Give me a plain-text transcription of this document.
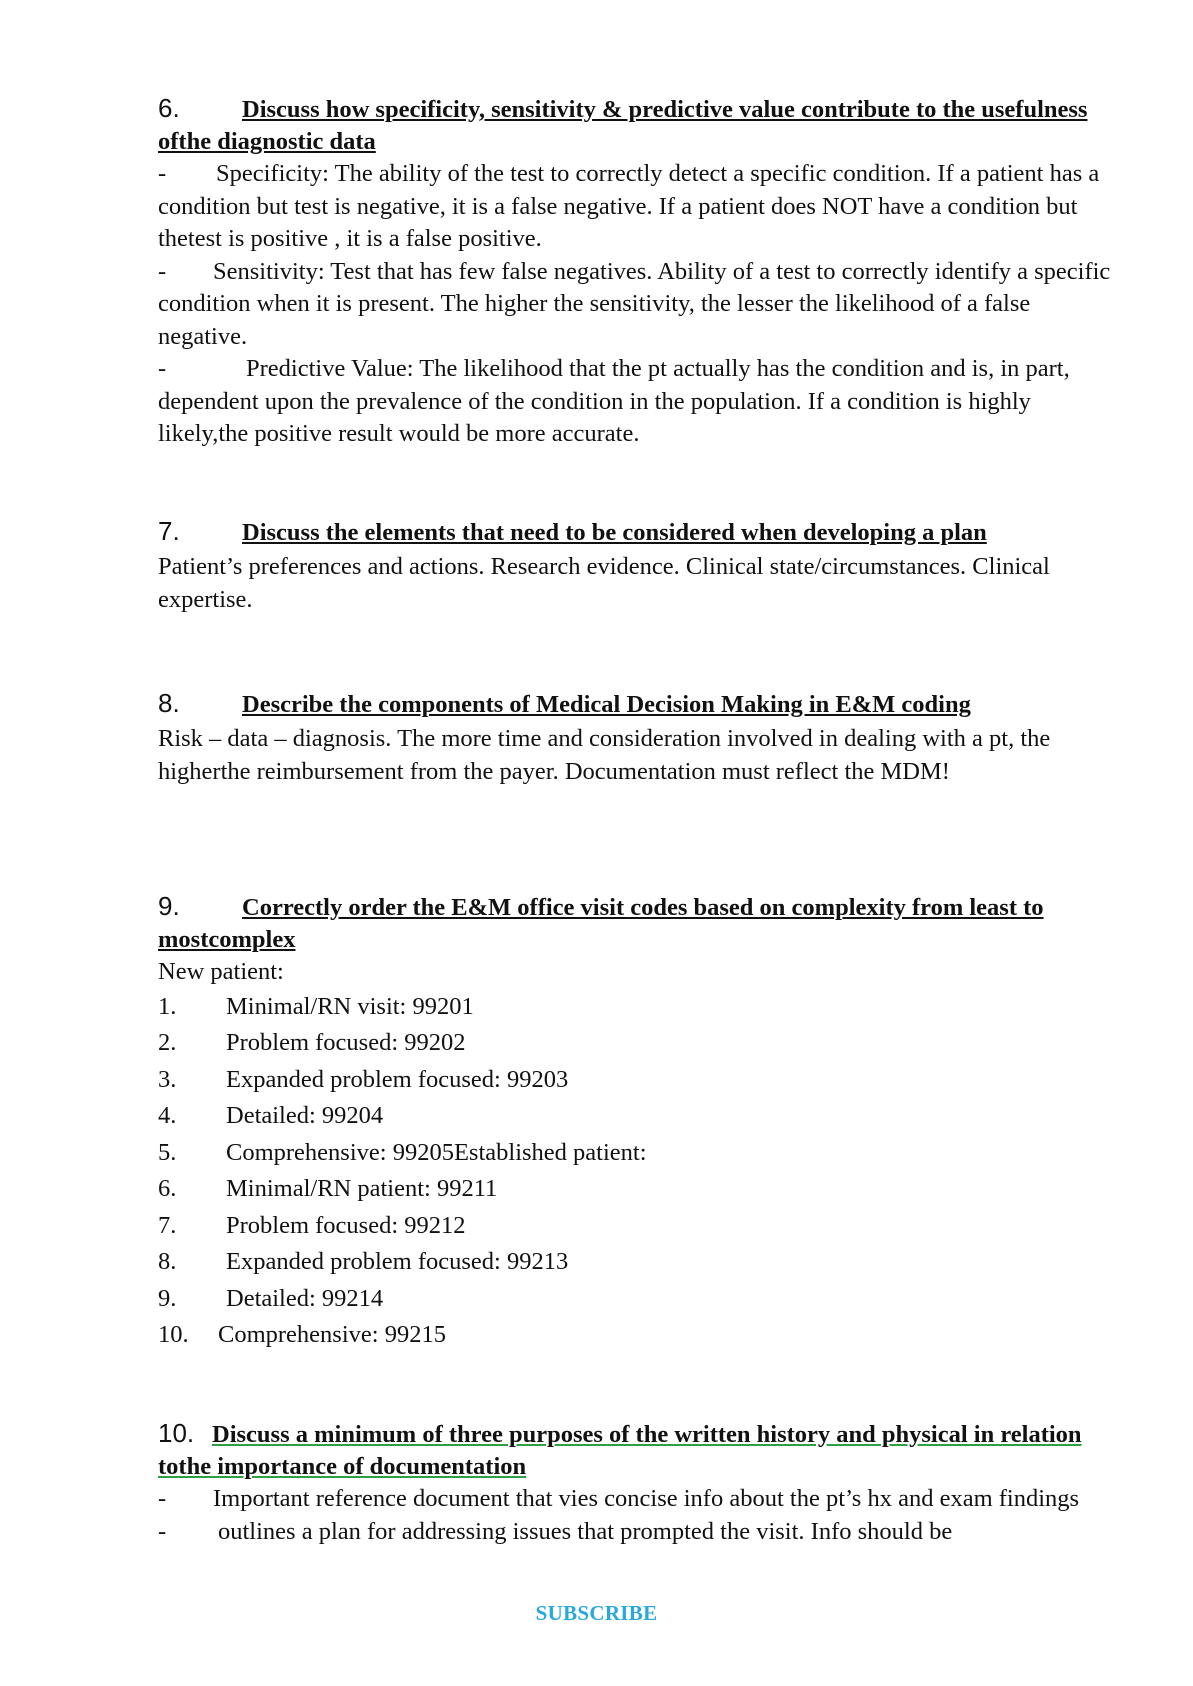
6.	Discuss how specificity, sensitivity & predictive value contribute to the usefulness ofthe diagnostic data
- Specificity: The ability of the test to correctly detect a specific condition. If a patient has a condition but test is negative, it is a false negative. If a patient does NOT have a condition but thetest is positive , it is a false positive.
- Sensitivity: Test that has few false negatives. Ability of a test to correctly identify a specific condition when it is present. The higher the sensitivity, the lesser the likelihood of a false negative.
-	Predictive Value: The likelihood that the pt actually has the condition and is, in part, dependent upon the prevalence of the condition in the population. If a condition is highly likely,the positive result would be more accurate.
7.	Discuss the elements that need to be considered when developing a plan
Patient’s preferences and actions. Research evidence. Clinical state/circumstances. Clinical expertise.
8.	Describe the components of Medical Decision Making in E&M coding
Risk – data – diagnosis. The more time and consideration involved in dealing with a pt, the higherthe reimbursement from the payer. Documentation must reflect the MDM!
9.	Correctly order the E&M office visit codes based on complexity from least to mostcomplex
New patient:
1. Minimal/RN visit: 99201
2. Problem focused: 99202
3. Expanded problem focused: 99203
4. Detailed: 99204
5. Comprehensive: 99205Established patient:
6. Minimal/RN patient: 99211
7. Problem focused: 99212
8. Expanded problem focused: 99213
9. Detailed: 99214
10. Comprehensive: 99215
10. Discuss a minimum of three purposes of the written history and physical in relation tothe importance of documentation
- Important reference document that vies concise info about the pt’s hx and exam findings
- outlines a plan for addressing issues that prompted the visit. Info should be
SUBSCRIBE
